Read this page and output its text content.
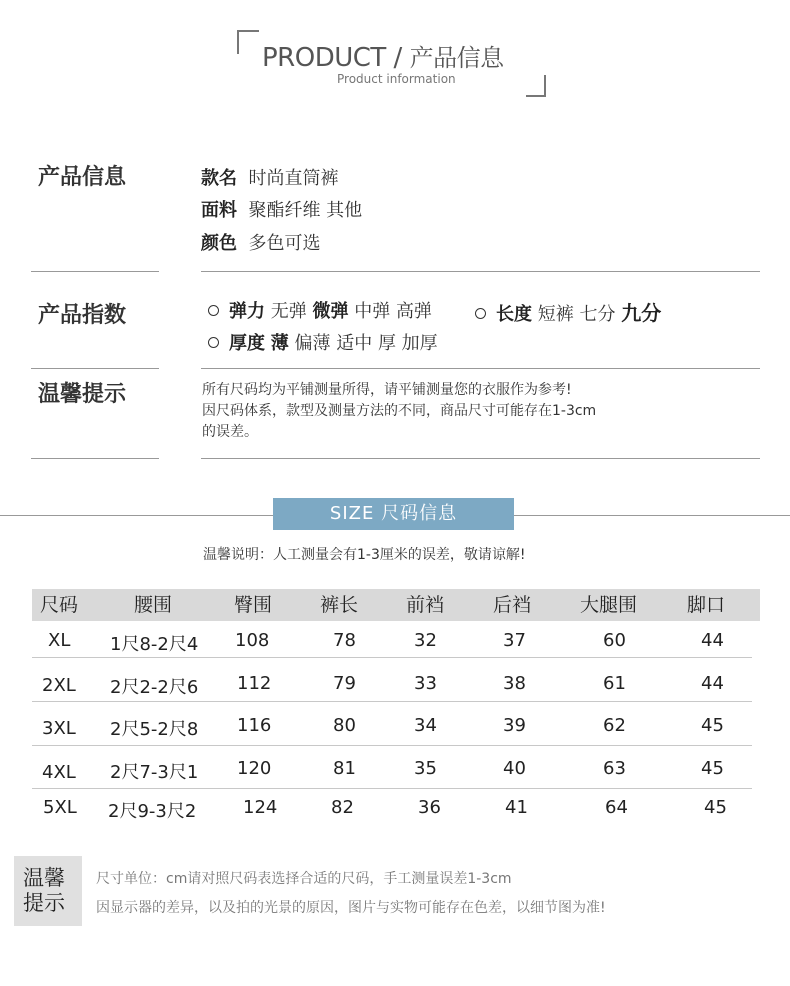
PRODUCT / 产品信息
Product information
产品信息	款名 时尚直筒裤
面料 聚酯纤维 其他
颜色 多色可选
产品指数	弹力 无弹 微弹 中弹 高弹	长度 短裤 七分 九分
厚度 薄 偏薄 适中 厚 加厚
温馨提示	所有尺码均为平铺测量所得，请平铺测量您的衣服作为参考!
因尺码体系，款型及测量方法的不同，商品尺寸可能存在1-3cm
的误差。
SIZE 尺码信息
温馨说明：人工测量会有1-3厘米的误差，敬请谅解!
尺码	腰围	臀围	裤长	前裆	后裆	大腿围	脚口
XL 1尺8-2尺4 108	78	32	37	60	44
2XL 2尺2-2尺6 112	79	33	38	61	44
3XL 2尺5-2尺8 116	80	34	39	62	45
4XL 2尺7-3尺1 120	81	35	40	63	45
5XL 2尺9-3尺2	124	82	36	41	64	45
温馨
提示
尺寸单位：cm请对照尺码表选择合适的尺码，手工测量误差1-3cm
因显示器的差异，以及拍的光景的原因，图片与实物可能存在色差，以细节图为准!
